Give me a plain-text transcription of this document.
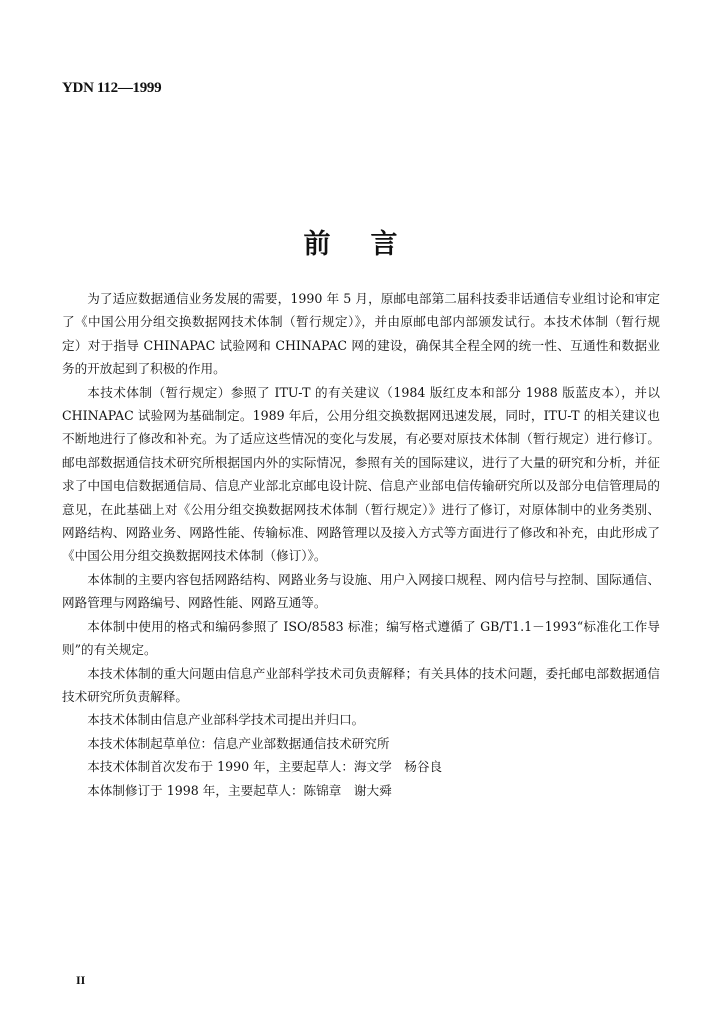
YDN 112—1999
前言

为了适应数据通信业务发展的需要，1990 年 5 月，原邮电部第二届科技委非话通信专业组讨论和审定了《中国公用分组交换数据网技术体制（暂行规定）》，并由原邮电部内部颁发试行。本技术体制（暂行规定）对于指导 CHINAPAC 试验网和 CHINAPAC 网的建设，确保其全程全网的统一性、互通性和数据业务的开放起到了积极的作用。

本技术体制（暂行规定）参照了 ITU-T 的有关建议（1984 版红皮本和部分 1988 版蓝皮本），并以 CHINAPAC 试验网为基础制定。1989 年后，公用分组交换数据网迅速发展，同时，ITU-T 的相关建议也不断地进行了修改和补充。为了适应这些情况的变化与发展，有必要对原技术体制（暂行规定）进行修订。邮电部数据通信技术研究所根据国内外的实际情况，参照有关的国际建议，进行了大量的研究和分析，并征求了中国电信数据通信局、信息产业部北京邮电设计院、信息产业部电信传输研究所以及部分电信管理局的意见，在此基础上对《公用分组交换数据网技术体制（暂行规定）》进行了修订，对原体制中的业务类别、网路结构、网路业务、网路性能、传输标准、网路管理以及接入方式等方面进行了修改和补充，由此形成了《中国公用分组交换数据网技术体制（修订）》。

本体制的主要内容包括网路结构、网路业务与设施、用户入网接口规程、网内信号与控制、国际通信、网路管理与网路编号、网路性能、网路互通等。

本体制中使用的格式和编码参照了 ISO/8583 标准；编写格式遵循了 GB/T1.1－1993“标准化工作导则”的有关规定。

本技术体制的重大问题由信息产业部科学技术司负责解释；有关具体的技术问题，委托邮电部数据通信技术研究所负责解释。

本技术体制由信息产业部科学技术司提出并归口。

本技术体制起草单位：信息产业部数据通信技术研究所

本技术体制首次发布于 1990 年，主要起草人：海文学　杨谷良

本体制修订于 1998 年，主要起草人：陈锦章　谢大舜

II
